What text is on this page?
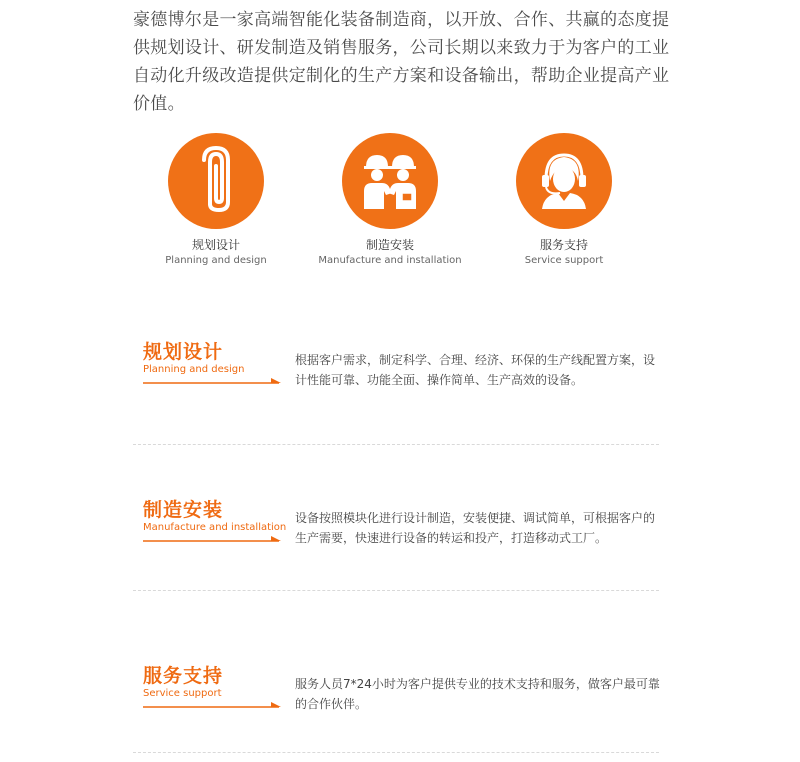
豪德博尔是一家高端智能化装备制造商，以开放、合作、共赢的态度提供规划设计、研发制造及销售服务，公司长期以来致力于为客户的工业自动化升级改造提供定制化的生产方案和设备输出，帮助企业提高产业价值。

规划设计
Planning and design
制造安装
Manufacture and installation
服务支持
Service support
规划设计
Planning and design

根据客户需求，制定科学、合理、经济、环保的生产线配置方案，设计性能可靠、功能全面、操作简单、生产高效的设备。

制造安装
Manufacture and installation

设备按照模块化进行设计制造，安装便捷、调试简单，可根据客户的生产需要，快速进行设备的转运和投产，打造移动式工厂。

服务支持
Service support

服务人员7*24小时为客户提供专业的技术支持和服务，做客户最可靠的合作伙伴。
